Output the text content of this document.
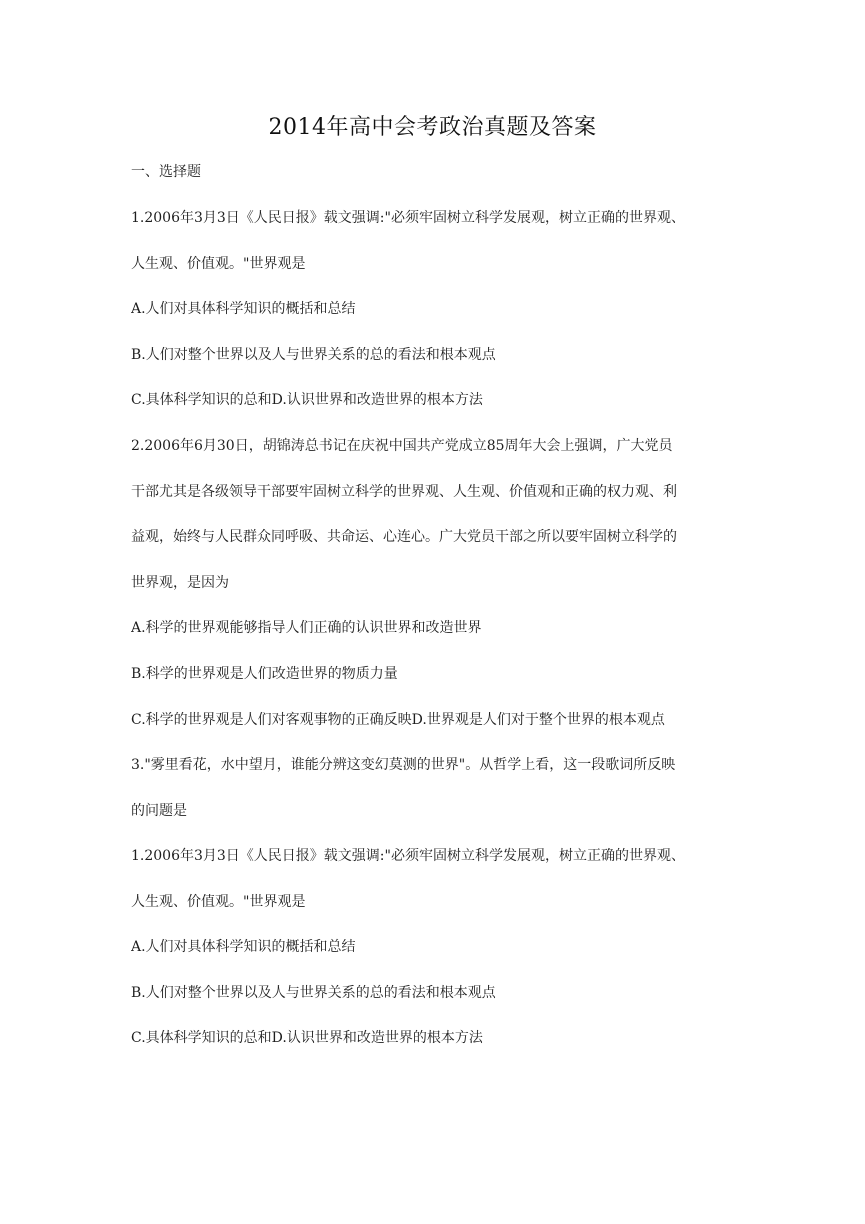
2014年高中会考政治真题及答案
一、选择题
1.2006年3月3日《人民日报》载文强调:"必须牢固树立科学发展观，树立正确的世界观、
人生观、价值观。"世界观是
A.人们对具体科学知识的概括和总结
B.人们对整个世界以及人与世界关系的总的看法和根本观点
C.具体科学知识的总和D.认识世界和改造世界的根本方法
2.2006年6月30日，胡锦涛总书记在庆祝中国共产党成立85周年大会上强调，广大党员
干部尤其是各级领导干部要牢固树立科学的世界观、人生观、价值观和正确的权力观、利
益观，始终与人民群众同呼吸、共命运、心连心。广大党员干部之所以要牢固树立科学的
世界观，是因为
A.科学的世界观能够指导人们正确的认识世界和改造世界
B.科学的世界观是人们改造世界的物质力量
C.科学的世界观是人们对客观事物的正确反映D.世界观是人们对于整个世界的根本观点
3."雾里看花，水中望月，谁能分辨这变幻莫测的世界"。从哲学上看，这一段歌词所反映
的问题是
1.2006年3月3日《人民日报》载文强调:"必须牢固树立科学发展观，树立正确的世界观、
人生观、价值观。"世界观是
A.人们对具体科学知识的概括和总结
B.人们对整个世界以及人与世界关系的总的看法和根本观点
C.具体科学知识的总和D.认识世界和改造世界的根本方法
